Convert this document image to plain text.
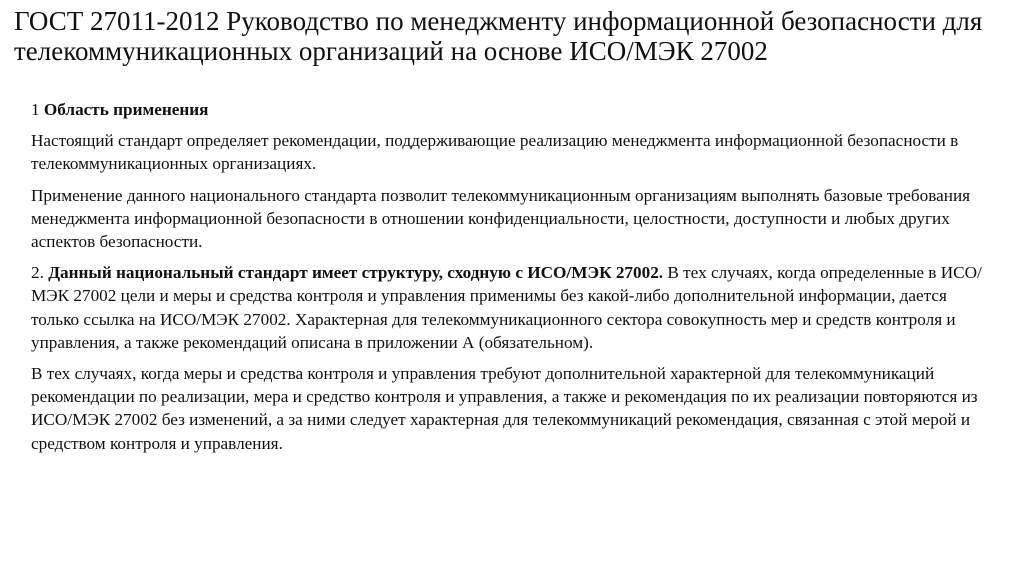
ГОСТ 27011-2012 Руководство по менеджменту информационной безопасности для телекоммуникационных организаций на основе ИСО/МЭК 27002

1 Область применения

Настоящий стандарт определяет рекомендации, поддерживающие реализацию менеджмента информационной безопасности в телекоммуникационных организациях.

Применение данного национального стандарта позволит телекоммуникационным организациям выполнять базовые требования менеджмента информационной безопасности в отношении конфиденциальности, целостности, доступности и любых других аспектов безопасности.

2. Данный национальный стандарт имеет структуру, сходную с ИСО/МЭК 27002. В тех случаях, когда определенные в ИСО/МЭК 27002 цели и меры и средства контроля и управления применимы без какой-либо дополнительной информации, дается только ссылка на ИСО/МЭК 27002. Характерная для телекоммуникационного сектора совокупность мер и средств контроля и управления, а также рекомендаций описана в приложении А (обязательном).

В тех случаях, когда меры и средства контроля и управления требуют дополнительной характерной для телекоммуникаций рекомендации по реализации, мера и средство контроля и управления, а также и рекомендация по их реализации повторяются из ИСО/МЭК 27002 без изменений, а за ними следует характерная для телекоммуникаций рекомендация, связанная с этой мерой и средством контроля и управления.
